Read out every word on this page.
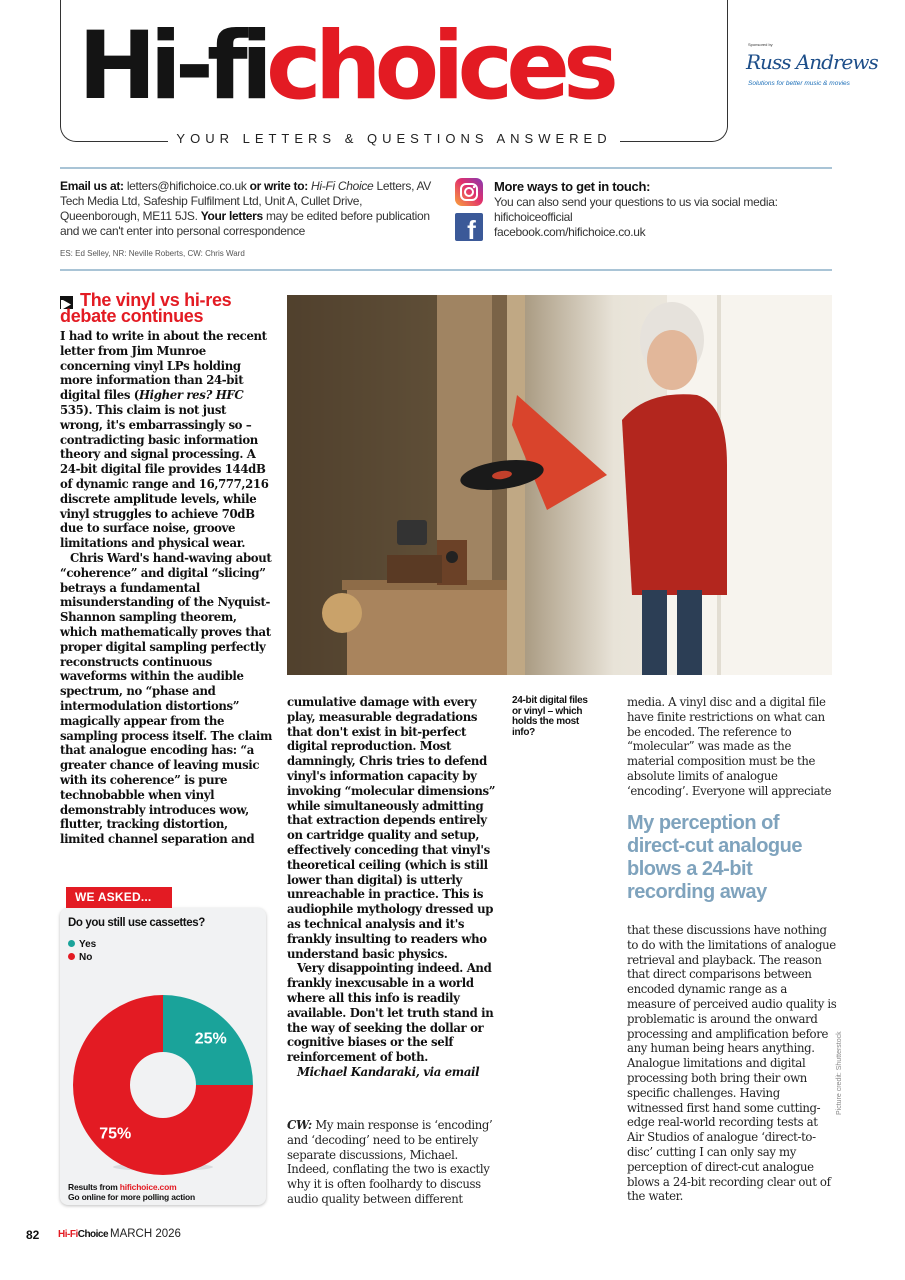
Hi-fichoices
YOUR LETTERS & QUESTIONS ANSWERED
Sponsored by
Russ Andrews
Solutions for better music & movies
Email us at: letters@hifichoice.co.uk or write to: Hi-Fi Choice Letters, AV Tech Media Ltd, Safeship Fulfilment Ltd, Unit A, Cullet Drive, Queenborough, ME11 5JS. Your letters may be edited before publication and we can't enter into personal correspondence
ES: Ed Selley, NR: Neville Roberts, CW: Chris Ward
f
More ways to get in touch:
You can also send your questions to us via social media:
hifichoiceofficial
facebook.com/hifichoice.co.uk
The vinyl vs hi-res debate continues

I had to write in about the recent letter from Jim Munroe concerning vinyl LPs holding more information than 24-bit digital files (Higher res? HFC 535). This claim is not just wrong, it's embarrassingly so – contradicting basic information theory and signal processing. A 24-bit digital file provides 144dB of dynamic range and 16,777,216 discrete amplitude levels, while vinyl struggles to achieve 70dB due to surface noise, groove limitations and physical wear.

Chris Ward's hand-waving about “coherence” and digital “slicing” betrays a fundamental misunderstanding of the Nyquist-Shannon sampling theorem, which mathematically proves that proper digital sampling perfectly reconstructs continuous waveforms within the audible spectrum, no “phase and intermodulation distortions” magically appear from the sampling process itself. The claim that analogue encoding has: “a greater chance of leaving music with its coherence” is pure technobabble when vinyl demonstrably introduces wow, flutter, tracking distortion, limited channel separation and

cumulative damage with every play, measurable degradations that don't exist in bit-perfect digital reproduction. Most damningly, Chris tries to defend vinyl's information capacity by invoking “molecular dimensions” while simultaneously admitting that extraction depends entirely on cartridge quality and setup, effectively conceding that vinyl's theoretical ceiling (which is still lower than digital) is utterly unreachable in practice. This is audiophile mythology dressed up as technical analysis and it's frankly insulting to readers who understand basic physics.

Very disappointing indeed. And frankly inexcusable in a world where all this info is readily available. Don't let truth stand in the way of seeking the dollar or cognitive biases or the self reinforcement of both.

Michael Kandaraki, via email

CW: My main response is ‘encoding’ and ‘decoding’ need to be entirely separate discussions, Michael. Indeed, conflating the two is exactly why it is often foolhardy to discuss audio quality between different
24-bit digital files or vinyl – which holds the most info?
media. A vinyl disc and a digital file have finite restrictions on what can be encoded. The reference to “molecular” was made as the material composition must be the absolute limits of analogue ‘encoding’. Everyone will appreciate
My perception of direct-cut analogue blows a 24-bit recording away
that these discussions have nothing to do with the limitations of analogue retrieval and playback. The reason that direct comparisons between encoded dynamic range as a measure of perceived audio quality is problematic is around the onward processing and amplification before any human being hears anything. Analogue limitations and digital processing both bring their own specific challenges. Having witnessed first hand some cutting-edge real-world recording tests at Air Studios of analogue ‘direct-to-disc’ cutting I can only say my perception of direct-cut analogue blows a 24-bit recording clear out of the water.
Picture credit: Shutterstock
WE ASKED...
Do you still use cassettes?
Yes
No
25%
75%
Results from hifichoice.com
Go online for more polling action
82 Hi-FiChoice MARCH 2026
